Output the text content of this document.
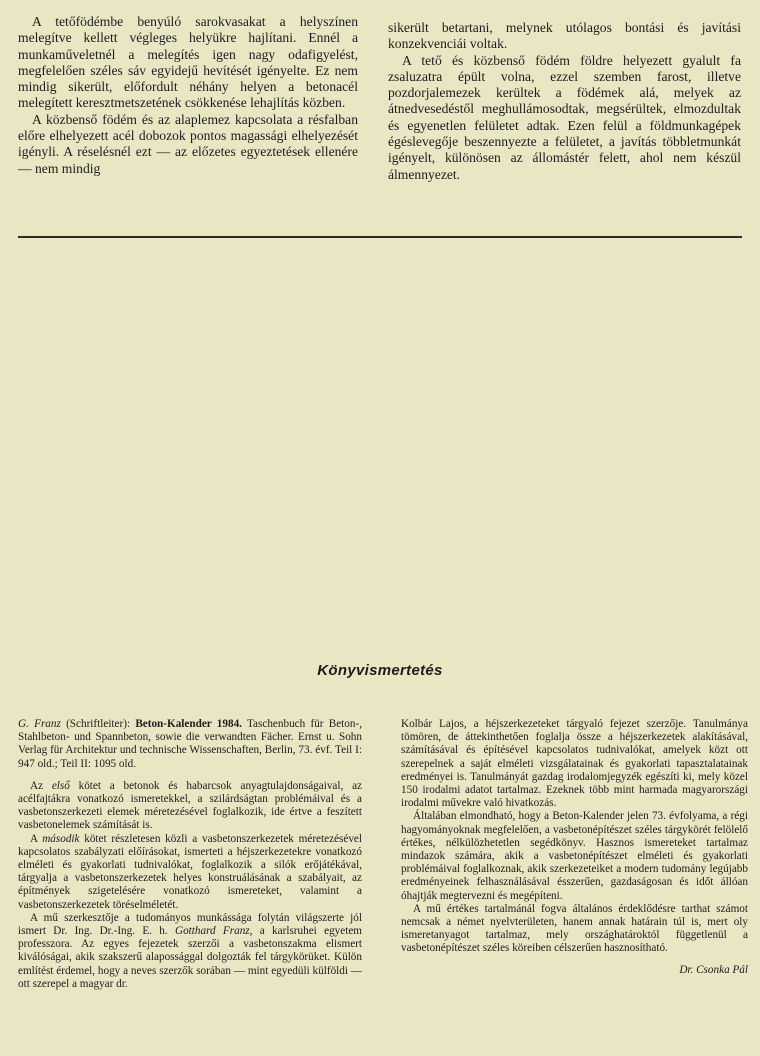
A tetőfödémbe benyúló sarokvasakat a helyszínen melegítve kellett végleges helyükre hajlítani. Ennél a munkaműveletnél a melegítés igen nagy odafigyelést, megfelelően széles sáv egyidejű hevítését igényelte. Ez nem mindig sikerült, előfordult néhány helyen a betonacél melegített keresztmetszetének csökkenése lehajlítás közben.

A közbenső födém és az alaplemez kapcsolata a résfalban előre elhelyezett acél dobozok pontos magassági elhelyezését igényli. A réselésnél ezt — az előzetes egyeztetések ellenére — nem mindig

sikerült betartani, melynek utólagos bontási és javítási konzekvenciái voltak.

A tető és közbenső födém földre helyezett gyalult fa zsaluzatra épült volna, ezzel szemben farost, illetve pozdorjalemezek kerültek a födémek alá, melyek az átnedvesedéstől meghullámosodtak, megsérültek, elmozdultak és egyenetlen felületet adtak. Ezen felül a földmunkagépek égéslevegője beszennyezte a felületet, a javítás többletmunkát igényelt, különösen az állomástér felett, ahol nem készül álmennyezet.

Könyvismertetés

G. Franz (Schriftleiter): Beton-Kalender 1984. Taschenbuch für Beton-, Stahlbeton- und Spannbeton, sowie die verwandten Fächer. Ernst u. Sohn Verlag für Architektur und technische Wissenschaften, Berlin, 73. évf. Teil I: 947 old.; Teil II: 1095 old.

Az első kötet a betonok és habarcsok anyagtulajdonságaival, az acélfajtákra vonatkozó ismeretekkel, a szilárdságtan problémáival és a vasbetonszerkezeti elemek méretezésével foglalkozik, ide értve a feszített vasbetonelemek számítását is.

A második kötet részletesen közli a vasbetonszerkezetek méretezésével kapcsolatos szabályzati előírásokat, ismerteti a héjszerkezetekre vonatkozó elméleti és gyakorlati tudnivalókat, foglalkozik a silók erőjátékával, tárgyalja a vasbetonszerkezetek helyes konstruálásának a szabályait, az építmények szigetelésére vonatkozó ismereteket, valamint a vasbetonszerkezetek töréselméletét.

A mű szerkesztője a tudományos munkássága folytán világszerte jól ismert Dr. Ing. Dr.-Ing. E. h. Gotthard Franz, a karlsruhei egyetem professzora. Az egyes fejezetek szerzői a vasbetonszakma elismert kiválóságai, akik szakszerű alapossággal dolgozták fel tárgykörüket. Külön említést érdemel, hogy a neves szerzők sorában — mint egyedüli külföldi — ott szerepel a magyar dr.

Kolbár Lajos, a héjszerkezeteket tárgyaló fejezet szerzője. Tanulmánya tömören, de áttekinthetően foglalja össze a héjszerkezetek alakításával, számításával és építésével kapcsolatos tudnivalókat, amelyek közt ott szerepelnek a saját elméleti vizsgálatainak és gyakorlati tapasztalatainak eredményei is. Tanulmányát gazdag irodalomjegyzék egészíti ki, mely közel 150 irodalmi adatot tartalmaz. Ezeknek több mint harmada magyarországi irodalmi művekre való hivatkozás.

Általában elmondható, hogy a Beton-Kalender jelen 73. évfolyama, a régi hagyományoknak megfelelően, a vasbetonépítészet széles tárgykörét felölelő értékes, nélkülözhetetlen segédkönyv. Hasznos ismereteket tartalmaz mindazok számára, akik a vasbetonépítészet elméleti és gyakorlati problémáival foglalkoznak, akik szerkezeteiket a modern tudomány legújabb eredményeinek felhasználásával ésszerűen, gazdaságosan és időt állóan óhajtják megtervezni és megépíteni.

A mű értékes tartalmánál fogva általános érdeklődésre tarthat számot nemcsak a német nyelvterületen, hanem annak határain túl is, mert oly ismeretanyagot tartalmaz, mely országhatároktól függetlenül a vasbetonépítészet széles köreiben célszerűen hasznosítható.

Dr. Csonka Pál
